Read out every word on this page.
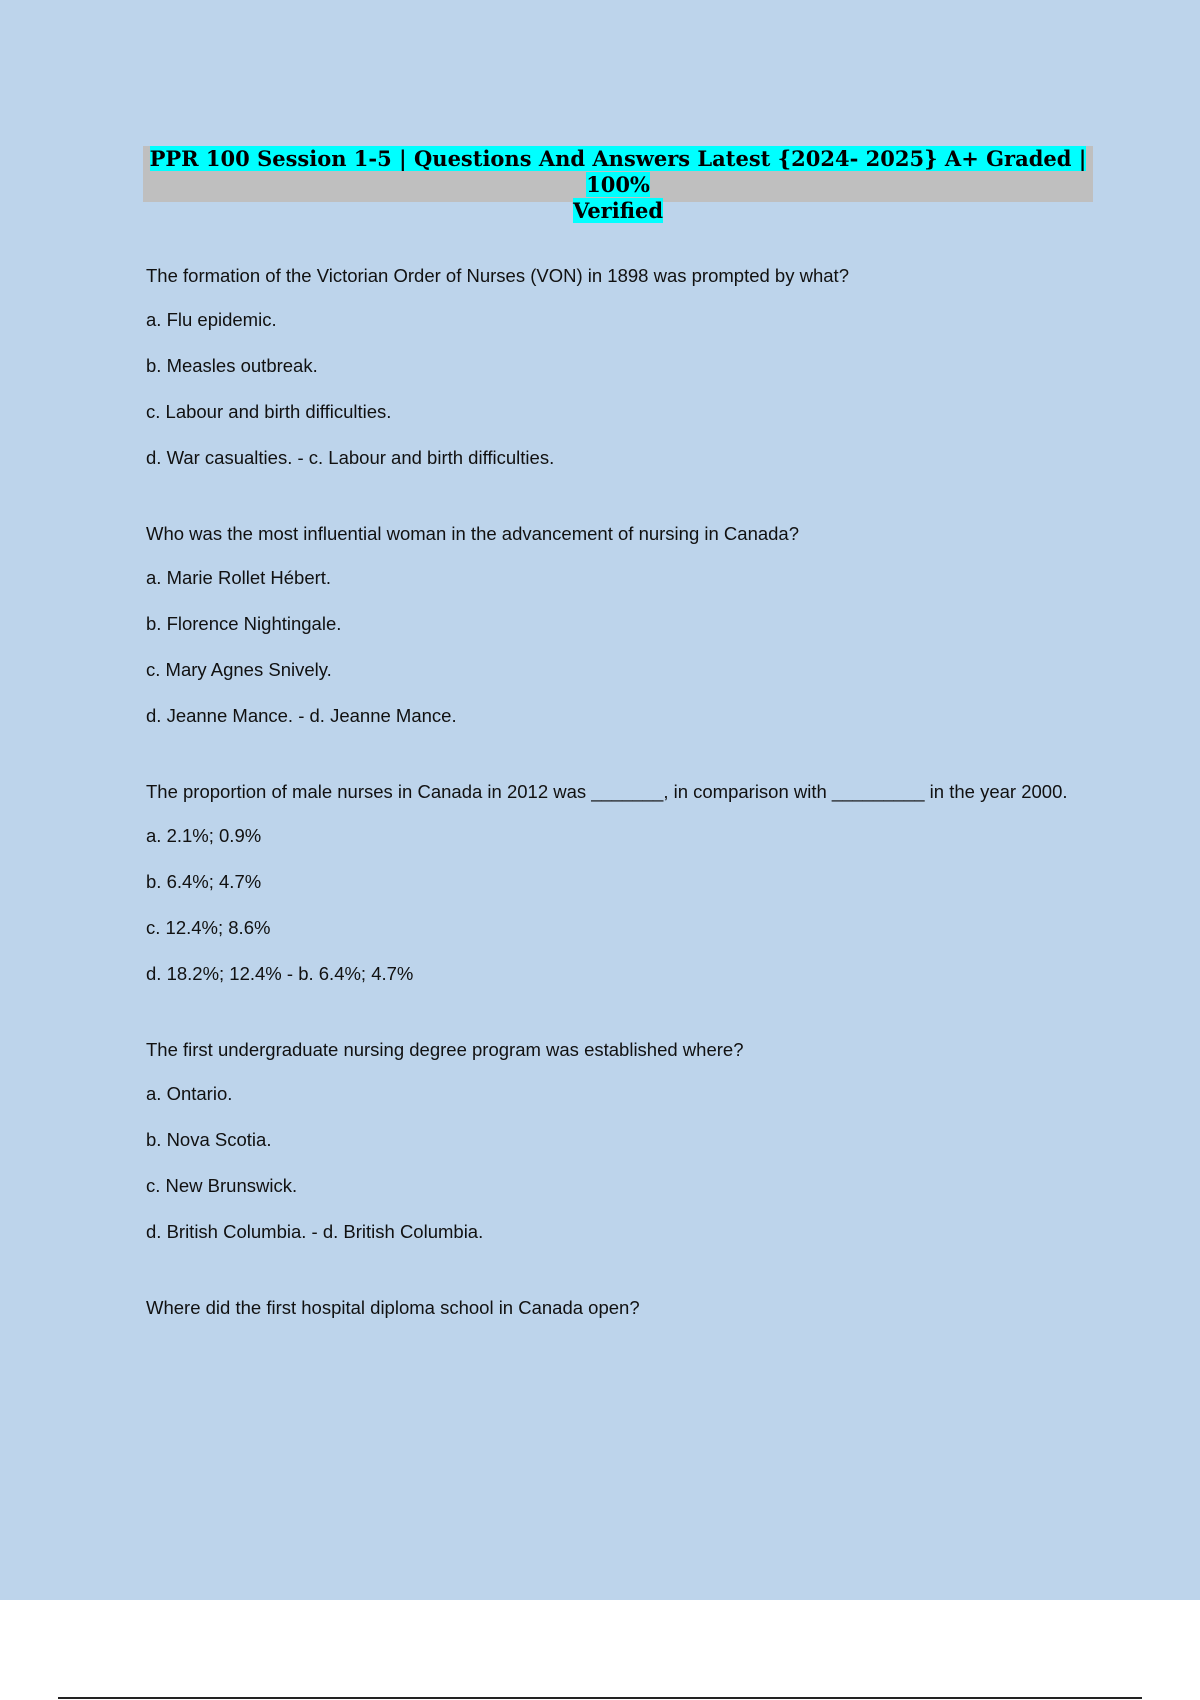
PPR 100 Session 1-5 | Questions And Answers Latest {2024- 2025} A+ Graded | 100%
Verified

The formation of the Victorian Order of Nurses (VON) in 1898 was prompted by what?

a. Flu epidemic.

b. Measles outbreak.

c. Labour and birth difficulties.

d. War casualties. - c. Labour and birth difficulties.

Who was the most influential woman in the advancement of nursing in Canada?

a. Marie Rollet Hébert.

b. Florence Nightingale.

c. Mary Agnes Snively.

d. Jeanne Mance. - d. Jeanne Mance.

The proportion of male nurses in Canada in 2012 was _______, in comparison with _________ in the year 2000.

a. 2.1%; 0.9%

b. 6.4%; 4.7%

c. 12.4%; 8.6%

d. 18.2%; 12.4% - b. 6.4%; 4.7%

The first undergraduate nursing degree program was established where?

a. Ontario.

b. Nova Scotia.

c. New Brunswick.

d. British Columbia. - d. British Columbia.

Where did the first hospital diploma school in Canada open?
